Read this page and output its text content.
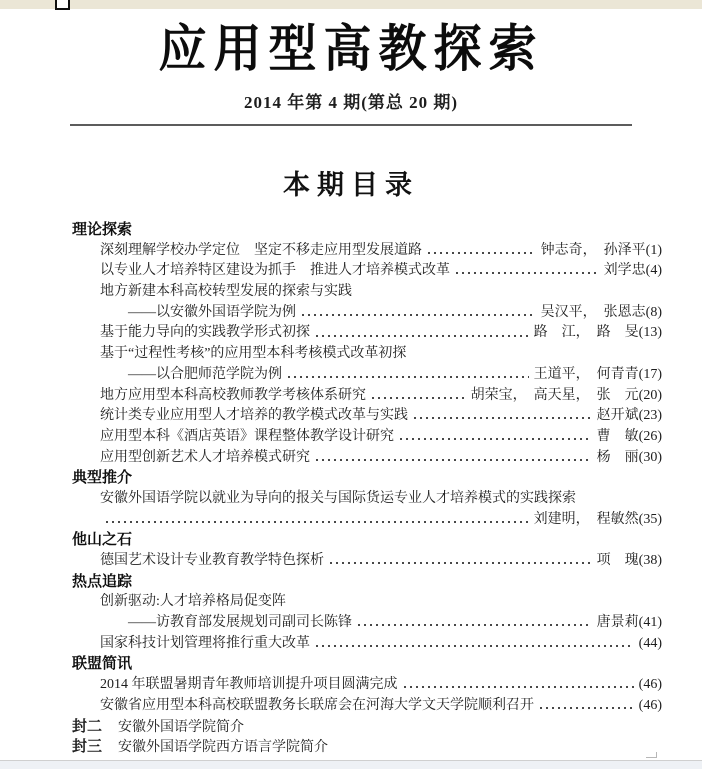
应用型高教探索
2014 年第 4 期(第总 20 期)
本期目录
理论探索
深刻理解学校办学定位　坚定不移走应用型发展道路	钟志奇，　孙泽平(1)
以专业人才培养特区建设为抓手　推进人才培养模式改革	刘学忠(4)
地方新建本科高校转型发展的探索与实践
——以安徽外国语学院为例	吴汉平，　张恩志(8)
基于能力导向的实践教学形式初探	路　江，　路　旻(13)
基于“过程性考核”的应用型本科考核模式改革初探
——以合肥师范学院为例	王道平，　何青青(17)
地方应用型本科高校教师教学考核体系研究	胡荣宝，　高天星，　张　元(20)
统计类专业应用型人才培养的教学模式改革与实践	赵开斌(23)
应用型本科《酒店英语》课程整体教学设计研究	曹　敏(26)
应用型创新艺术人才培养模式研究	杨　丽(30)
典型推介
安徽外国语学院以就业为导向的报关与国际货运专业人才培养模式的实践探索
刘建明，　程敏然(35)
他山之石
德国艺术设计专业教育教学特色探析	项　瑰(38)
热点追踪
创新驱动:人才培养格局促变阵
——访教育部发展规划司副司长陈锋	唐景莉(41)
国家科技计划管理将推行重大改革	(44)
联盟简讯
2014 年联盟暑期青年教师培训提升项目圆满完成	(46)
安徽省应用型本科高校联盟教务长联席会在河海大学文天学院顺利召开	(46)
封二 安徽外国语学院简介
封三 安徽外国语学院西方语言学院简介
